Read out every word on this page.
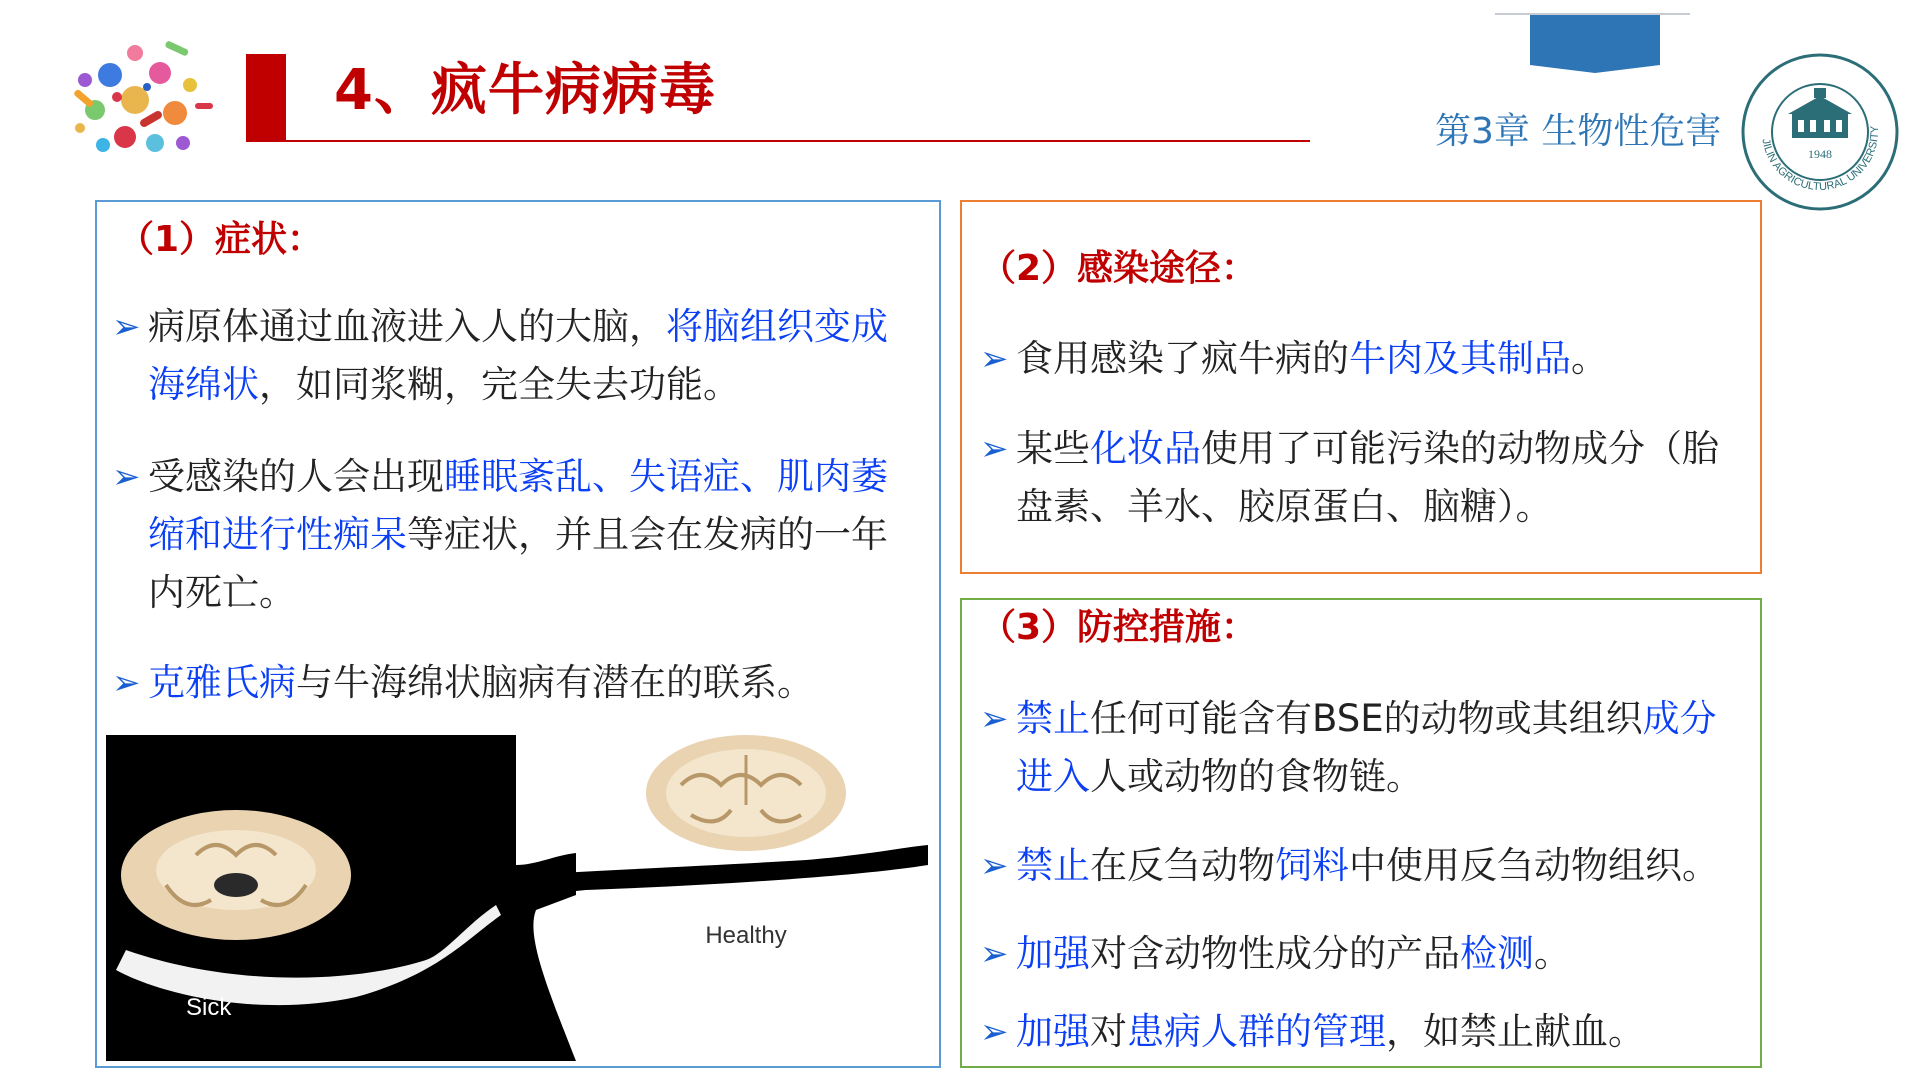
4、疯牛病病毒
第3章 生物性危害	JILIN AGRICULTURAL UNIVERSITY
1948
（1）症状：
➢ 病原体通过血液进入人的大脑，将脑组织变成海绵状，如同浆糊，完全失去功能。
➢ 受感染的人会出现睡眠紊乱、失语症、肌肉萎缩和进行性痴呆等症状，并且会在发病的一年内死亡。
➢ 克雅氏病与牛海绵状脑病有潜在的联系。
Sick
Healthy
（2）感染途径：
➢ 食用感染了疯牛病的牛肉及其制品。
➢ 某些化妆品使用了可能污染的动物成分（胎盘素、羊水、胶原蛋白、脑糖）。
（3）防控措施：
➢ 禁止任何可能含有BSE的动物或其组织成分进入人或动物的食物链。
➢ 禁止在反刍动物饲料中使用反刍动物组织。
➢ 加强对含动物性成分的产品检测。
➢ 加强对患病人群的管理，如禁止献血。
